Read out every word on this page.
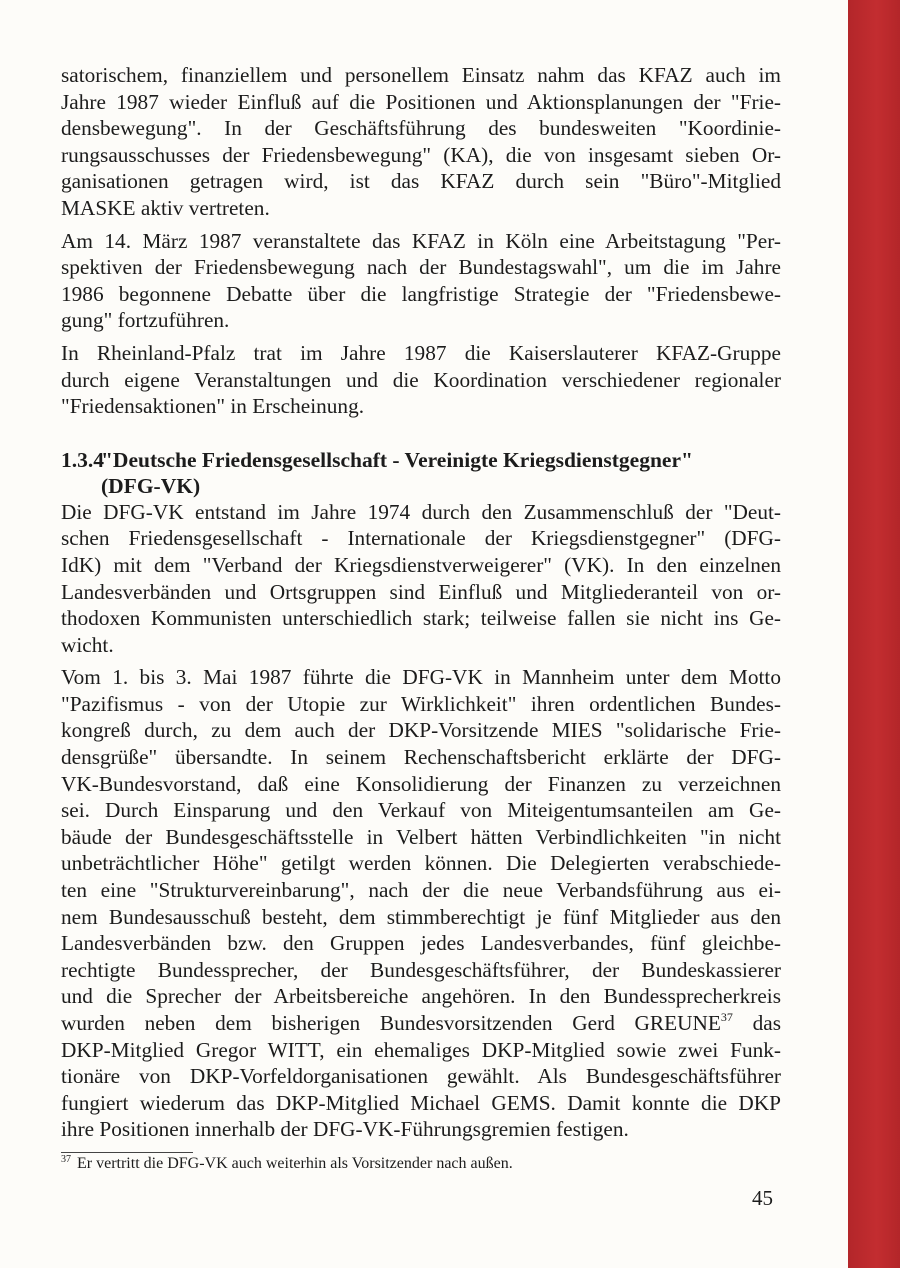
satorischem, finanziellem und personellem Einsatz nahm das KFAZ auch im
Jahre 1987 wieder Einfluß auf die Positionen und Aktionsplanungen der "Frie-
densbewegung". In der Geschäftsführung des bundesweiten "Koordinie-
rungsausschusses der Friedensbewegung" (KA), die von insgesamt sieben Or-
ganisationen getragen wird, ist das KFAZ durch sein "Büro"-Mitglied
MASKE aktiv vertreten.
Am 14. März 1987 veranstaltete das KFAZ in Köln eine Arbeitstagung "Per-
spektiven der Friedensbewegung nach der Bundestagswahl", um die im Jahre
1986 begonnene Debatte über die langfristige Strategie der "Friedensbewe-
gung" fortzuführen.
In Rheinland-Pfalz trat im Jahre 1987 die Kaiserslauterer KFAZ-Gruppe
durch eigene Veranstaltungen und die Koordination verschiedener regionaler
"Friedensaktionen" in Erscheinung.
1.3.4"Deutsche Friedensgesellschaft - Vereinigte Kriegsdienstgegner"
(DFG-VK)
Die DFG-VK entstand im Jahre 1974 durch den Zusammenschluß der "Deut-
schen Friedensgesellschaft - Internationale der Kriegsdienstgegner" (DFG-
IdK) mit dem "Verband der Kriegsdienstverweigerer" (VK). In den einzelnen
Landesverbänden und Ortsgruppen sind Einfluß und Mitgliederanteil von or-
thodoxen Kommunisten unterschiedlich stark; teilweise fallen sie nicht ins Ge-
wicht.
Vom 1. bis 3. Mai 1987 führte die DFG-VK in Mannheim unter dem Motto
"Pazifismus - von der Utopie zur Wirklichkeit" ihren ordentlichen Bundes-
kongreß durch, zu dem auch der DKP-Vorsitzende MIES "solidarische Frie-
densgrüße" übersandte. In seinem Rechenschaftsbericht erklärte der DFG-
VK-Bundesvorstand, daß eine Konsolidierung der Finanzen zu verzeichnen
sei. Durch Einsparung und den Verkauf von Miteigentumsanteilen am Ge-
bäude der Bundesgeschäftsstelle in Velbert hätten Verbindlichkeiten "in nicht
unbeträchtlicher Höhe" getilgt werden können. Die Delegierten verabschiede-
ten eine "Strukturvereinbarung", nach der die neue Verbandsführung aus ei-
nem Bundesausschuß besteht, dem stimmberechtigt je fünf Mitglieder aus den
Landesverbänden bzw. den Gruppen jedes Landesverbandes, fünf gleichbe-
rechtigte Bundessprecher, der Bundesgeschäftsführer, der Bundeskassierer
und die Sprecher der Arbeitsbereiche angehören. In den Bundessprecherkreis
wurden neben dem bisherigen Bundesvorsitzenden Gerd GREUNE$^{37}$ das
DKP-Mitglied Gregor WITT, ein ehemaliges DKP-Mitglied sowie zwei Funk-
tionäre von DKP-Vorfeldorganisationen gewählt. Als Bundesgeschäftsführer
fungiert wiederum das DKP-Mitglied Michael GEMS. Damit konnte die DKP
ihre Positionen innerhalb der DFG-VK-Führungsgremien festigen.
$^{37}$ Er vertritt die DFG-VK auch weiterhin als Vorsitzender nach außen.
45
